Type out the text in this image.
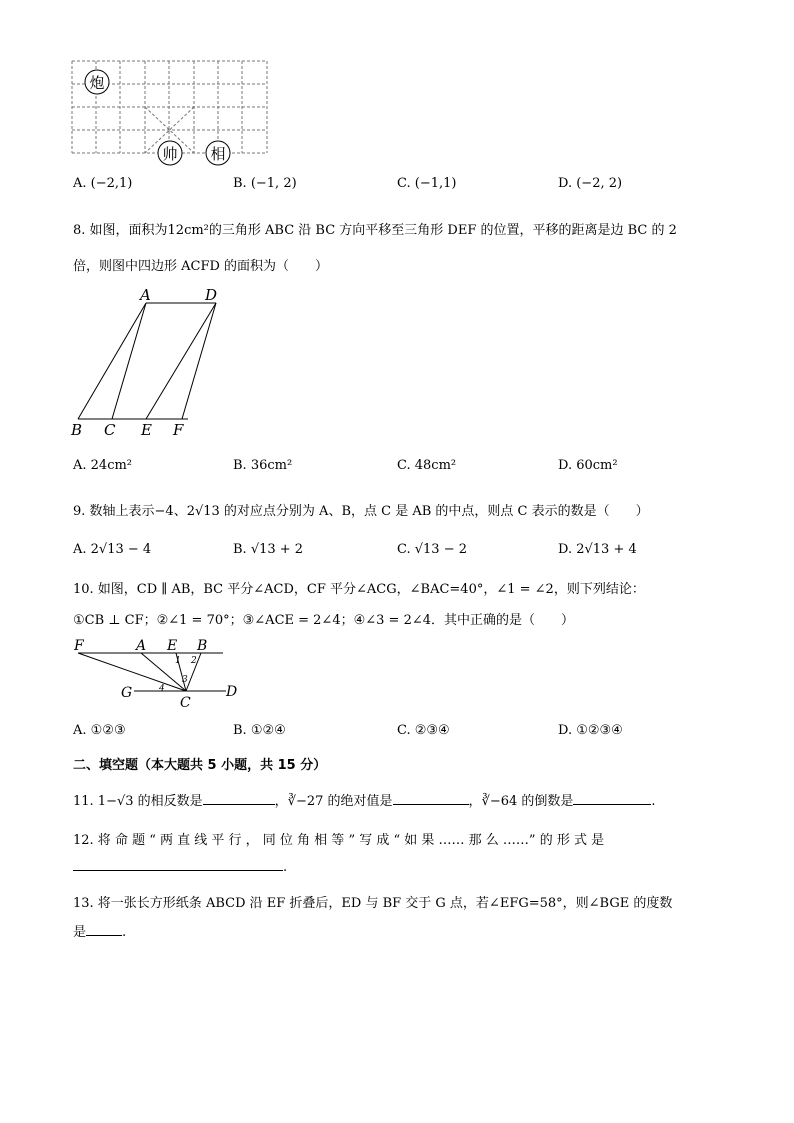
炮
帅 相
A. (−2,1)	B. (−1, 2)	C. (−1,1)	D. (−2, 2)
8. 如图，面积为12cm²的三角形 ABC 沿 BC 方向平移至三角形 DEF 的位置，平移的距离是边 BC 的 2
倍，则图中四边形 ACFD 的面积为（　　）
A	D
B C E F
A. 24cm²	B. 36cm²	C. 48cm²	D. 60cm²
9. 数轴上表示−4、2√13 的对应点分别为 A、B，点 C 是 AB 的中点，则点 C 表示的数是（　　）
A. 2√13 − 4	B. √13 + 2	C. √13 − 2	D. 2√13 + 4
10. 如图，CD ∥ AB，BC 平分∠ACD，CF 平分∠ACG，∠BAC=40°，∠1 = ∠2，则下列结论：
①CB ⊥ CF；②∠1 = 70°；③∠ACE = 2∠4；④∠3 = 2∠4．其中正确的是（　　）
F	A E B
G
C
D
1 2
3
4
A. ①②③	B. ①②④	C. ②③④	D. ①②③④
二、填空题（本大题共 5 小题，共 15 分）
11. 1−√3 的相反数是	，∛−27 的绝对值是	，∛−64 的倒数是	.
12. 将 命 题 “ 两 直 线 平 行 ， 同 位 角 相 等 ” 写 成 “ 如 果 …… 那 么 ……” 的 形 式 是
.
13. 将一张长方形纸条 ABCD 沿 EF 折叠后，ED 与 BF 交于 G 点，若∠EFG=58°，则∠BGE 的度数
是	.
